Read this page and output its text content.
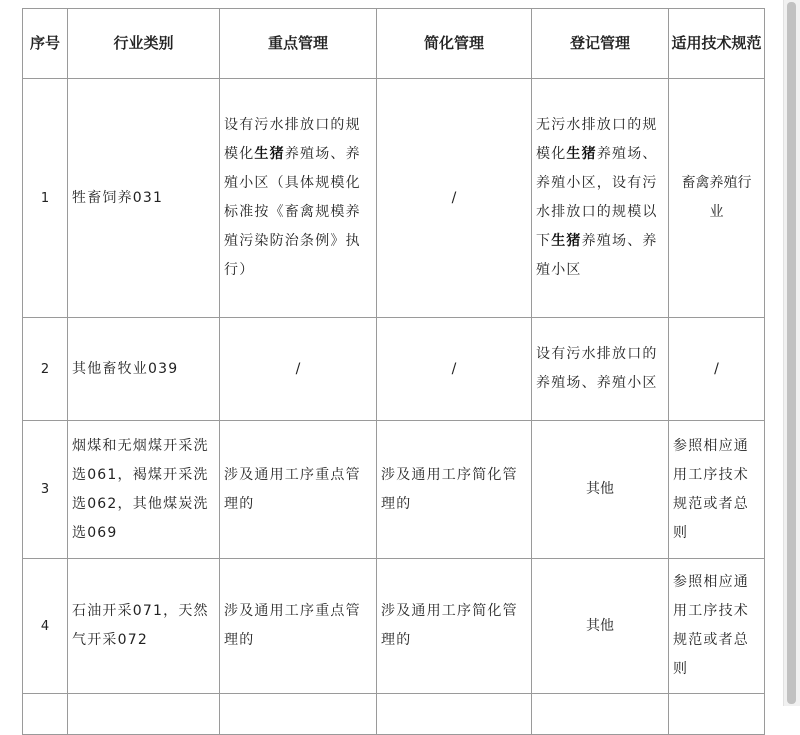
序号	行业类别	重点管理	简化管理	登记管理	适用技术规范
1	牲畜饲养031	设有污水排放口的规模化生猪养殖场、养殖小区（具体规模化标准按《畜禽规模养殖污染防治条例》执行）	/	无污水排放口的规模化生猪养殖场、养殖小区，设有污水排放口的规模以下生猪养殖场、养殖小区	畜禽养殖行业
2	其他畜牧业039	/	/	设有污水排放口的养殖场、养殖小区	/
3	烟煤和无烟煤开采洗选061，褐煤开采洗选062，其他煤炭洗选069	涉及通用工序重点管理的	涉及通用工序简化管理的	其他	参照相应通用工序技术规范或者总则
4	石油开采071，天然气开采072	涉及通用工序重点管理的	涉及通用工序简化管理的	其他	参照相应通用工序技术规范或者总则
